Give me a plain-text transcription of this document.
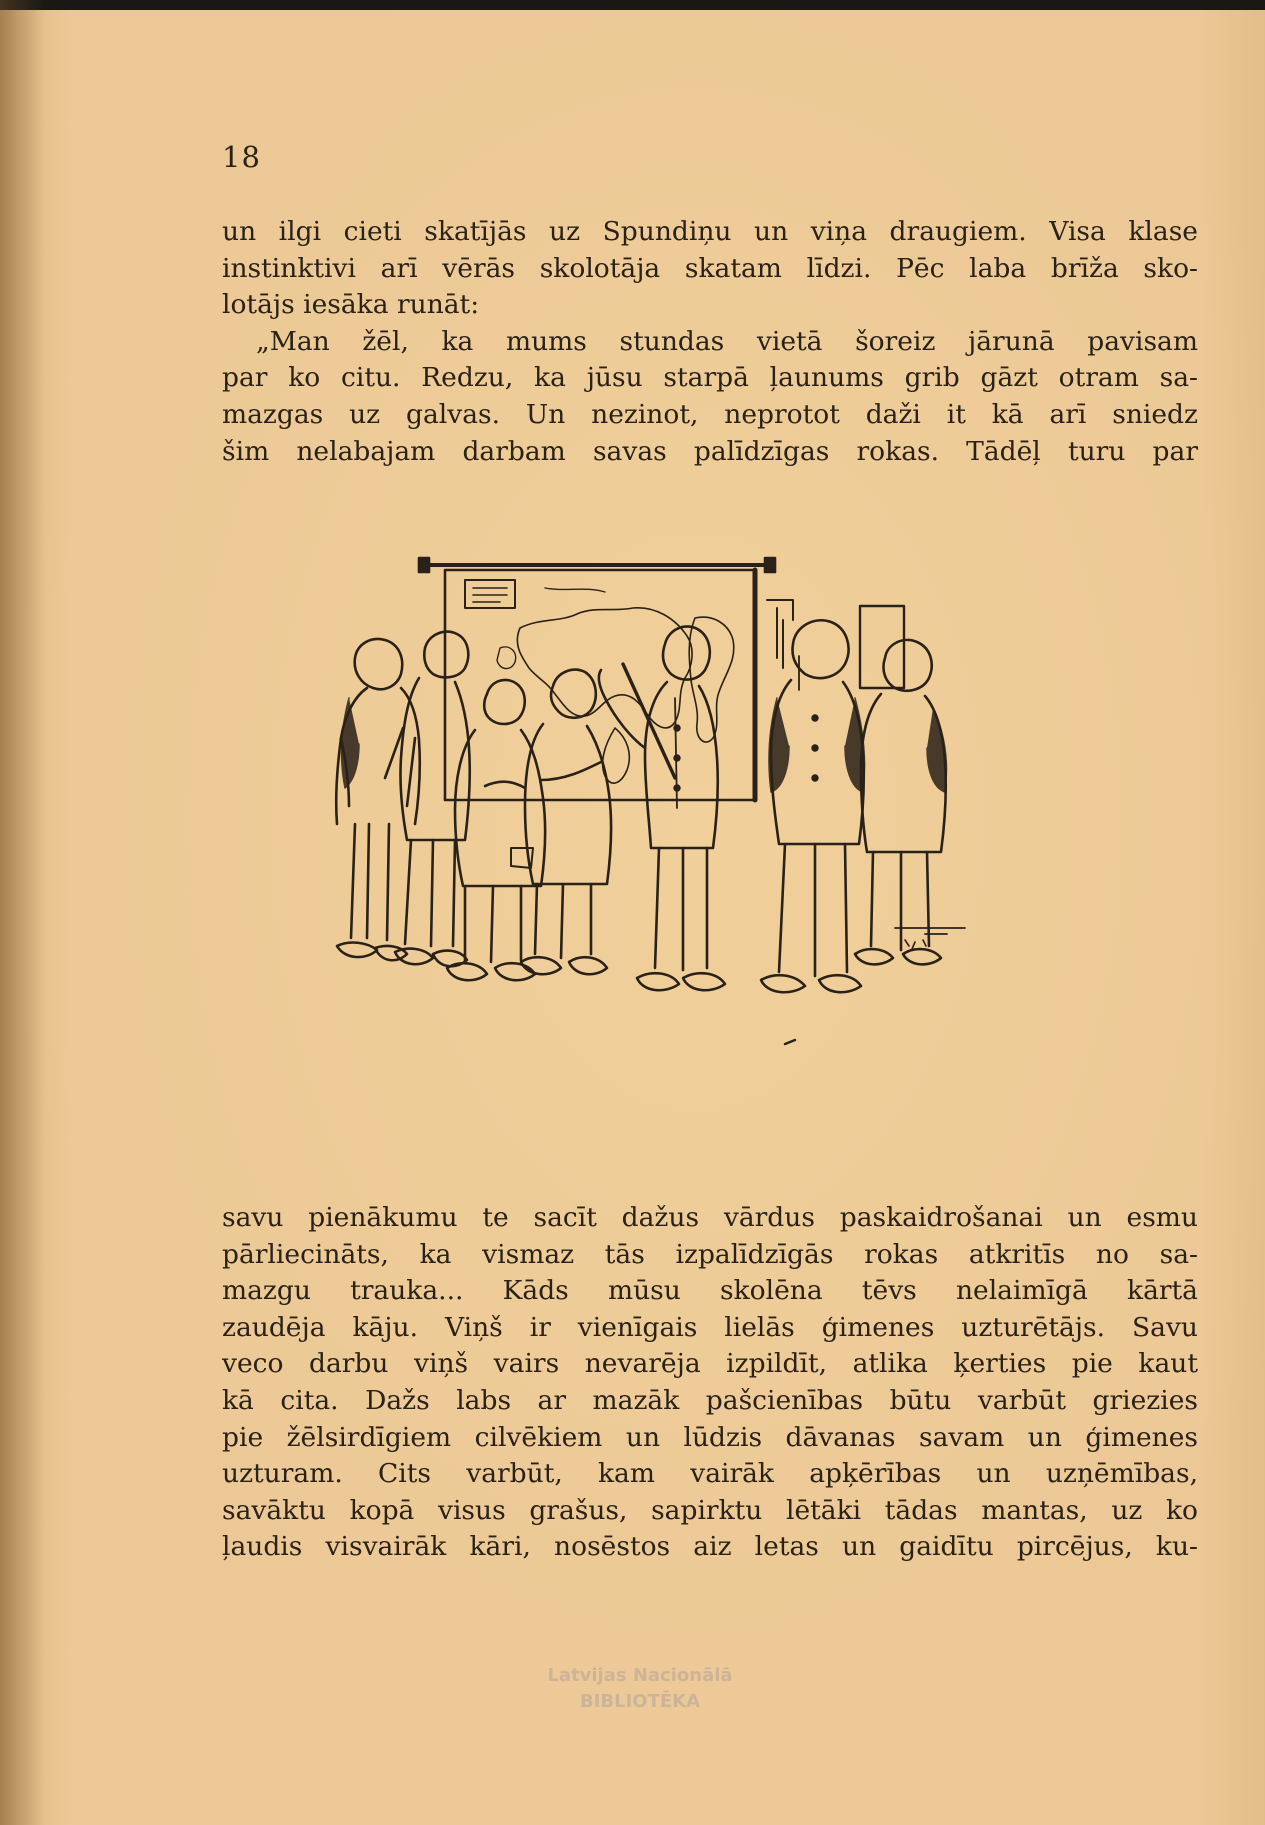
18
un ilgi cieti skatījās uz Spundiņu un viņa draugiem. Visa klase
instinktivi arī vērās skolotāja skatam līdzi. Pēc laba brīža sko-
lotājs iesāka runāt:
„Man žēl, ka mums stundas vietā šoreiz jārunā pavisam
par ko citu. Redzu, ka jūsu starpā ļaunums grib gāzt otram sa-
mazgas uz galvas. Un nezinot, neprotot daži it kā arī sniedz
šim nelabajam darbam savas palīdzīgas rokas. Tādēļ turu par
savu pienākumu te sacīt dažus vārdus paskaidrošanai un esmu
pārliecināts, ka vismaz tās izpalīdzīgās rokas atkritīs no sa-
mazgu trauka... Kāds mūsu skolēna tēvs nelaimīgā kārtā
zaudēja kāju. Viņš ir vienīgais lielās ģimenes uzturētājs. Savu
veco darbu viņš vairs nevarēja izpildīt, atlika ķerties pie kaut
kā cita. Dažs labs ar mazāk pašcienības būtu varbūt griezies
pie žēlsirdīgiem cilvēkiem un lūdzis dāvanas savam un ģimenes
uzturam. Cits varbūt, kam vairāk apķērības un uzņēmības,
savāktu kopā visus grašus, sapirktu lētāki tādas mantas, uz ko
ļaudis visvairāk kāri, nosēstos aiz letas un gaidītu pircējus, ku-
Latvijas Nacionālā
BIBLIOTĒKA
